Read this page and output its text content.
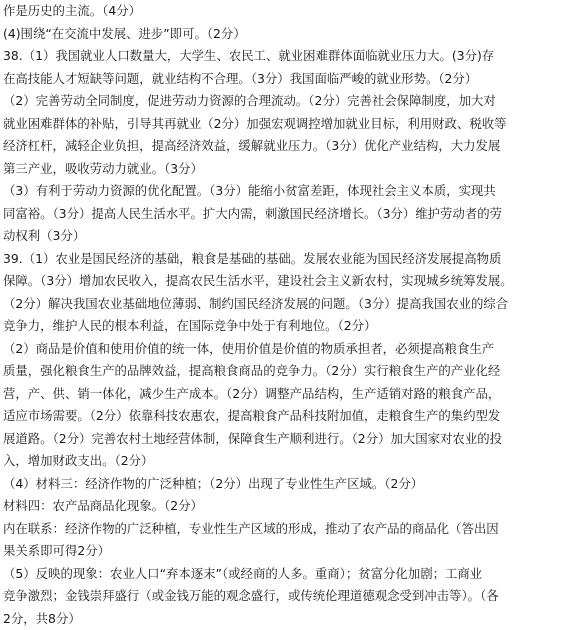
作是历史的主流。（4分）
(4)围绕“在交流中发展、进步”即可。（2分）
38.（1）我国就业人口数量大，大学生、农民工、就业困难群体面临就业压力大。(3分)存
在高技能人才短缺等问题，就业结构不合理。（3分）我国面临严峻的就业形势。（2分）
（2）完善劳动全同制度，促进劳动力资源的合理流动。（2分）完善社会保障制度，加大对
就业困难群体的补贴，引导其再就业（2分）加强宏观调控增加就业目标，利用财政、税收等
经济杠杆，减轻企业负担，提高经济效益，缓解就业压力。（3分）优化产业结构，大力发展
第三产业，吸收劳动力就业。（3分）
（3）有利于劳动力资源的优化配置。（3分）能缩小贫富差距，体现社会主义本质，实现共
同富裕。（3分）提高人民生活水平。扩大内需，刺激国民经济增长。（3分）维护劳动者的劳
动权利（3分）
39.（1）农业是国民经济的基础，粮食是基础的基础。发展农业能为国民经济发展提高物质
保障。（3分）增加农民收入，提高农民生活水平，建设社会主义新农村，实现城乡统筹发展。
（2分）解决我国农业基础地位薄弱、制约国民经济发展的问题。（3分）提高我国农业的综合
竞争力，维护人民的根本利益，在国际竞争中处于有利地位。（2分）
（2）商品是价值和使用价值的统一体，使用价值是价值的物质承担者，必须提高粮食生产
质量，强化粮食生产的品牌效益，提高粮食商品的竞争力。（2分）实行粮食生产的产业化经
营，产、供、销一体化，减少生产成本。（2分）调整产品结构，生产适销对路的粮食产品，
适应市场需要。（2分）依靠科技农惠农，提高粮食产品科技附加值，走粮食生产的集约型发
展道路。（2分）完善农村土地经营体制，保障食生产顺利进行。（2分）加大国家对农业的投
入，增加财政支出。（2分）
（4）材料三：经济作物的广泛种植；（2分）出现了专业性生产区域。（2分）
材料四：农产品商品化现象。（2分）
内在联系：经济作物的广泛种植，专业性生产区域的形成，推动了农产品的商品化（答出因
果关系即可得2分）
（5）反映的现象：农业人口“弃本逐末”（或经商的人多。重商）；贫富分化加剧；工商业
竞争激烈；金钱崇拜盛行（或金钱万能的观念盛行，或传统伦理道德观念受到冲击等）。（各
2分，共8分）
